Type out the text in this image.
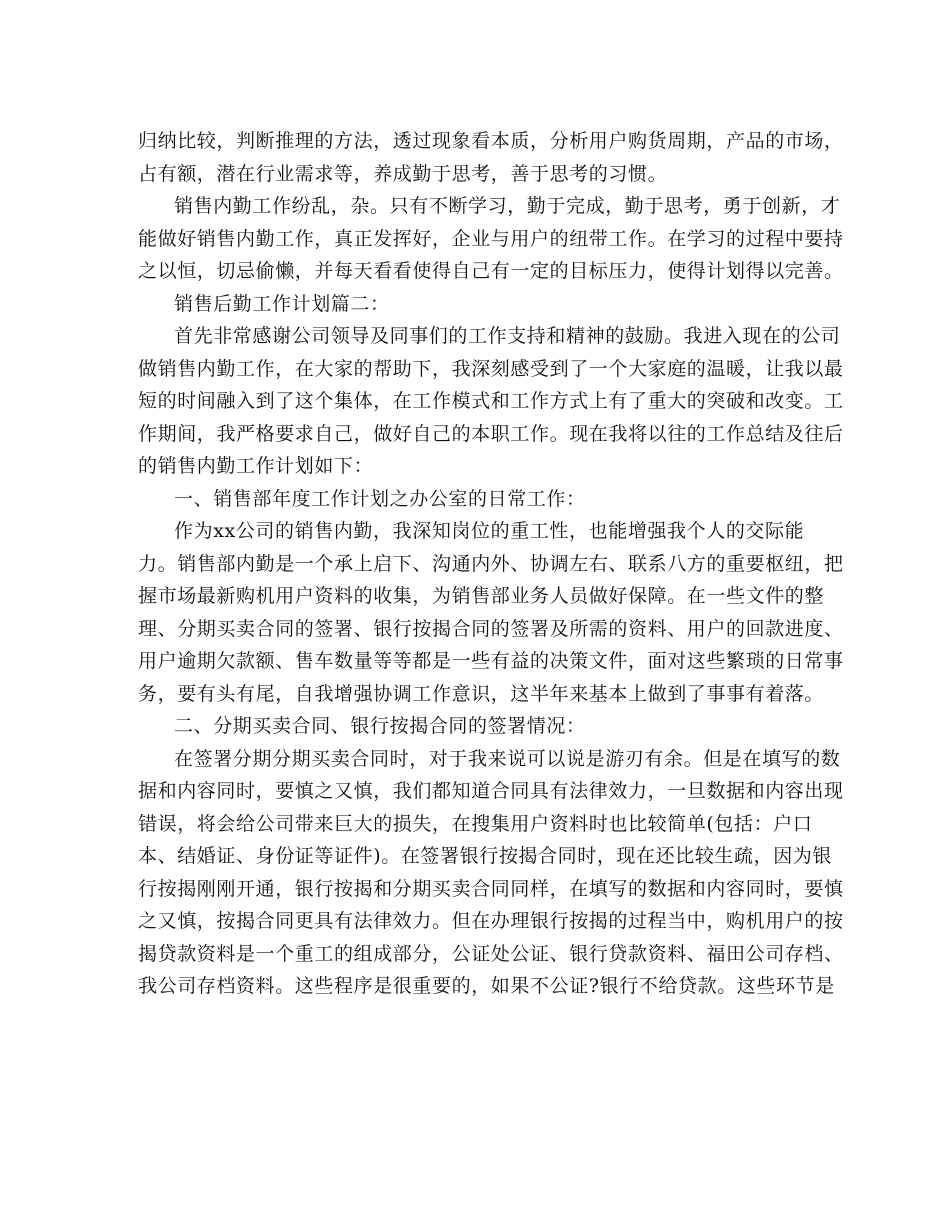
归纳比较，判断推理的方法，透过现象看本质，分析用户购货周期，产品的市场，
占有额，潜在行业需求等，养成勤于思考，善于思考的习惯。
销售内勤工作纷乱，杂。只有不断学习，勤于完成，勤于思考，勇于创新，才
能做好销售内勤工作，真正发挥好，企业与用户的纽带工作。在学习的过程中要持
之以恒，切忌偷懒，并每天看看使得自己有一定的目标压力，使得计划得以完善。
销售后勤工作计划篇二：
首先非常感谢公司领导及同事们的工作支持和精神的鼓励。我进入现在的公司
做销售内勤工作，在大家的帮助下，我深刻感受到了一个大家庭的温暖，让我以最
短的时间融入到了这个集体，在工作模式和工作方式上有了重大的突破和改变。工
作期间，我严格要求自己，做好自己的本职工作。现在我将以往的工作总结及往后
的销售内勤工作计划如下：
一、销售部年度工作计划之办公室的日常工作：
作为xx公司的销售内勤，我深知岗位的重工性，也能增强我个人的交际能
力。销售部内勤是一个承上启下、沟通内外、协调左右、联系八方的重要枢纽，把
握市场最新购机用户资料的收集，为销售部业务人员做好保障。在一些文件的整
理、分期买卖合同的签署、银行按揭合同的签署及所需的资料、用户的回款进度、
用户逾期欠款额、售车数量等等都是一些有益的决策文件，面对这些繁琐的日常事
务，要有头有尾，自我增强协调工作意识，这半年来基本上做到了事事有着落。
二、分期买卖合同、银行按揭合同的签署情况：
在签署分期分期买卖合同时，对于我来说可以说是游刃有余。但是在填写的数
据和内容同时，要慎之又慎，我们都知道合同具有法律效力，一旦数据和内容出现
错误，将会给公司带来巨大的损失，在搜集用户资料时也比较简单(包括：户口
本、结婚证、身份证等证件)。在签署银行按揭合同时，现在还比较生疏，因为银
行按揭刚刚开通，银行按揭和分期买卖合同同样，在填写的数据和内容同时，要慎
之又慎，按揭合同更具有法律效力。但在办理银行按揭的过程当中，购机用户的按
揭贷款资料是一个重工的组成部分，公证处公证、银行贷款资料、福田公司存档、
我公司存档资料。这些程序是很重要的，如果不公证?银行不给贷款。这些环节是
